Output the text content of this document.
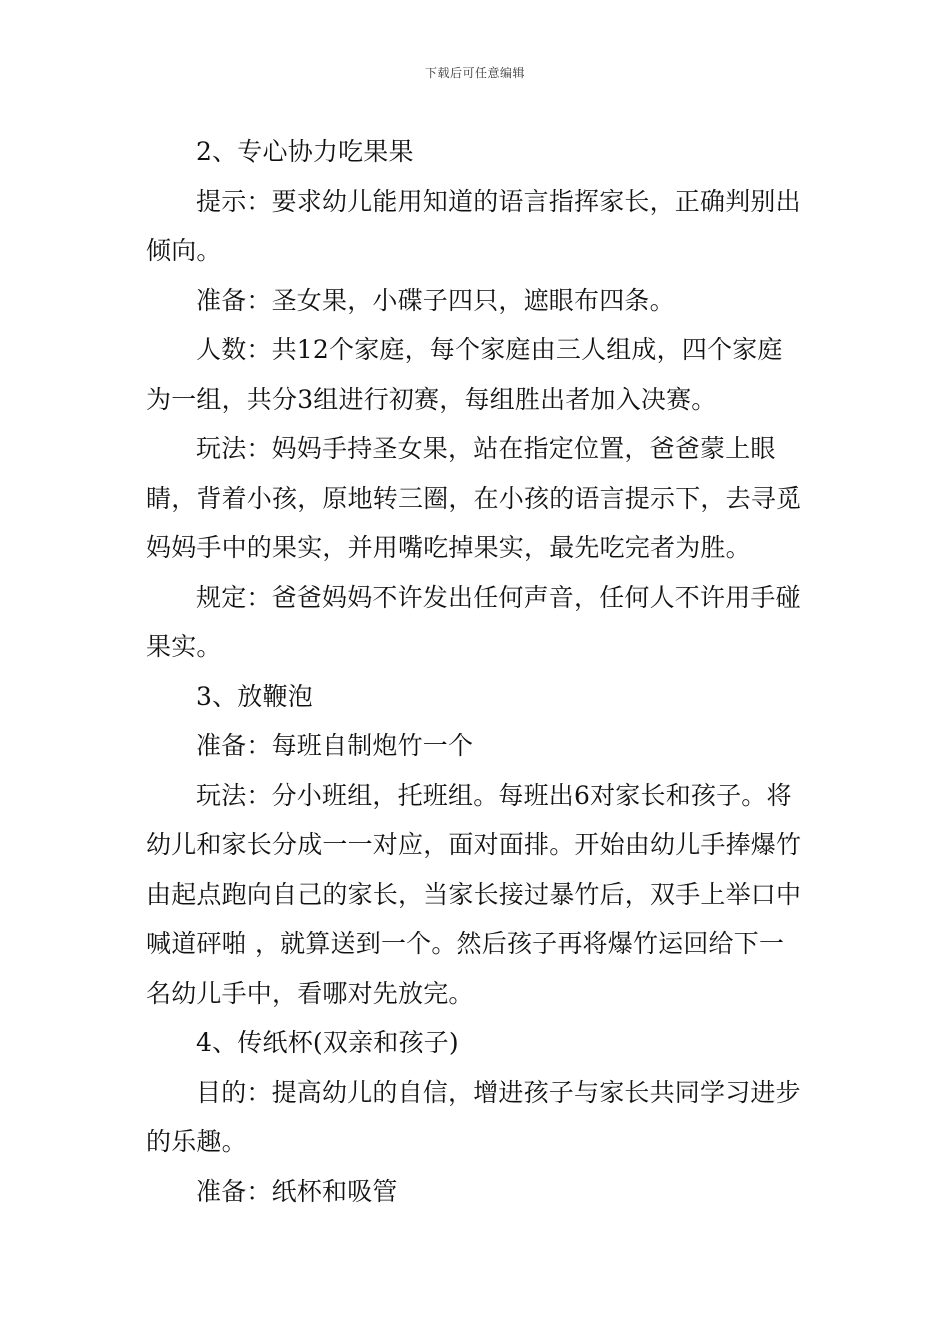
下载后可任意编辑

2、专心协力吃果果

提示：要求幼儿能用知道的语言指挥家长，正确判别出倾向。

准备：圣女果，小碟子四只，遮眼布四条。

人数：共12个家庭，每个家庭由三人组成，四个家庭为一组，共分3组进行初赛，每组胜出者加入决赛。

玩法：妈妈手持圣女果，站在指定位置，爸爸蒙上眼睛，背着小孩，原地转三圈，在小孩的语言提示下，去寻觅妈妈手中的果实，并用嘴吃掉果实，最先吃完者为胜。

规定：爸爸妈妈不许发出任何声音，任何人不许用手碰果实。

3、放鞭泡

准备：每班自制炮竹一个

玩法：分小班组，托班组。每班出6对家长和孩子。将幼儿和家长分成一一对应，面对面排。开始由幼儿手捧爆竹由起点跑向自己的家长，当家长接过暴竹后，双手上举口中喊道砰啪 ，就算送到一个。然后孩子再将爆竹运回给下一名幼儿手中，看哪对先放完。

4、传纸杯(双亲和孩子)

目的：提高幼儿的自信，增进孩子与家长共同学习进步的乐趣。

准备：纸杯和吸管
